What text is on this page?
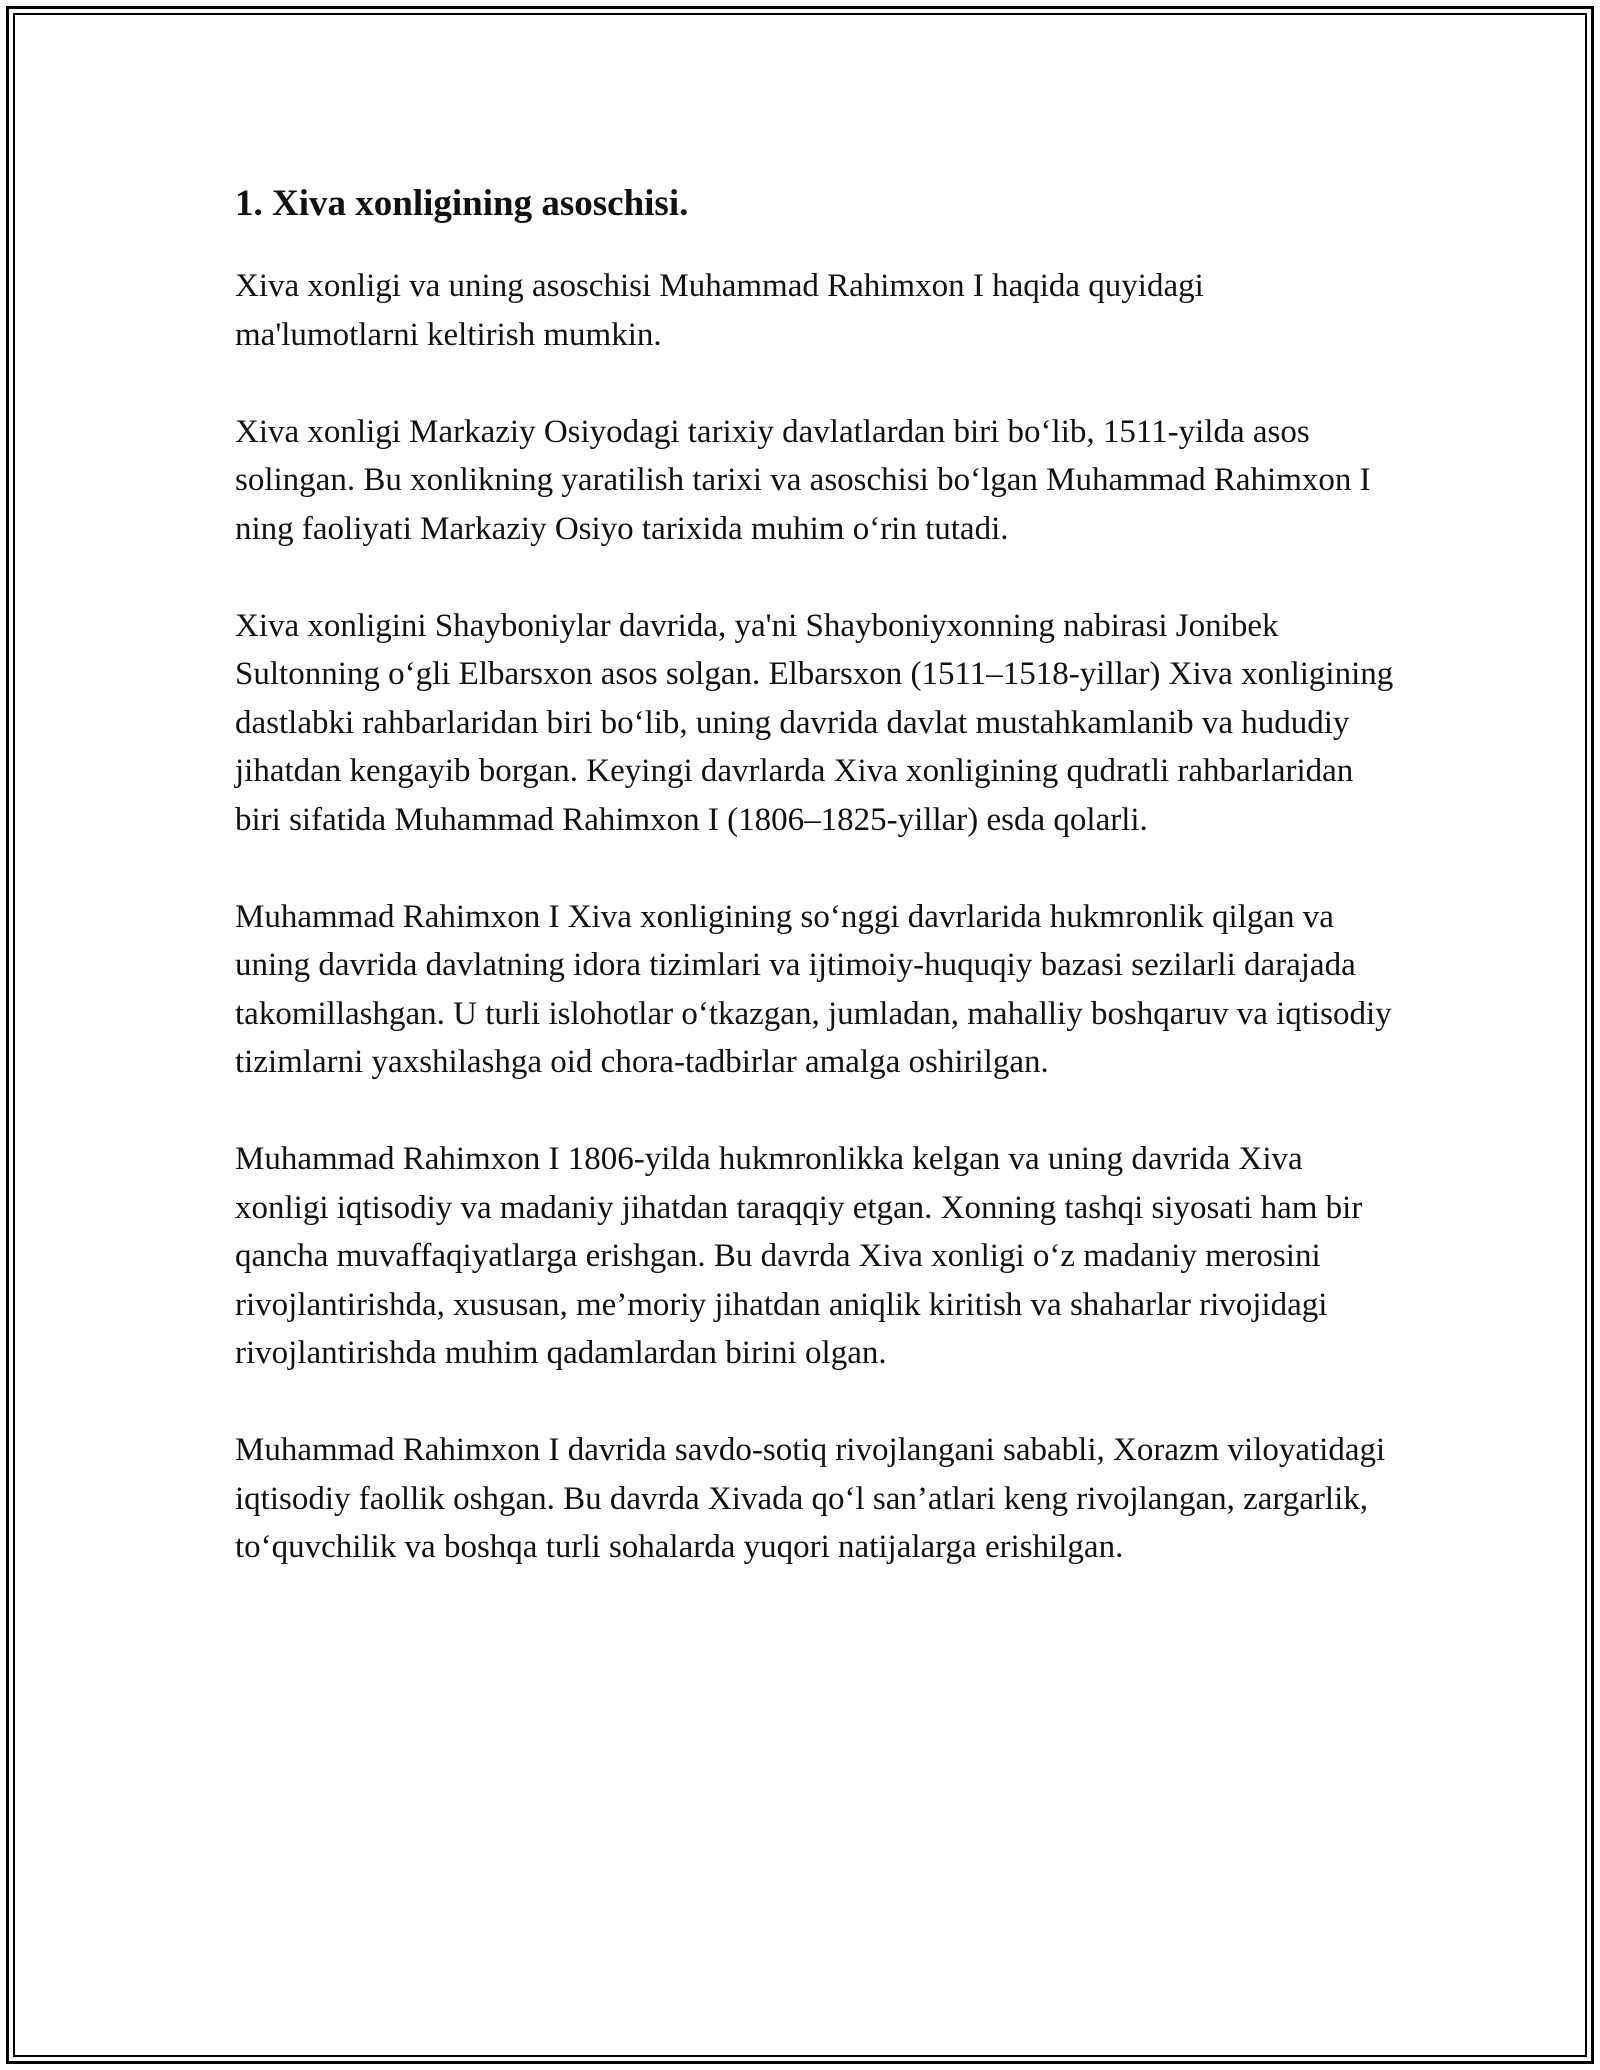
1. Xiva xonligining asoschisi.

Xiva xonligi va uning asoschisi Muhammad Rahimxon I haqida quyidagi ma'lumotlarni keltirish mumkin.

Xiva xonligi Markaziy Osiyodagi tarixiy davlatlardan biri bo‘lib, 1511-yilda asos solingan. Bu xonlikning yaratilish tarixi va asoschisi bo‘lgan Muhammad Rahimxon I ning faoliyati Markaziy Osiyo tarixida muhim o‘rin tutadi.

Xiva xonligini Shayboniylar davrida, ya'ni Shayboniyxonning nabirasi Jonibek Sultonning o‘gli Elbarsxon asos solgan. Elbarsxon (1511–1518-yillar) Xiva xonligining dastlabki rahbarlaridan biri bo‘lib, uning davrida davlat mustahkamlanib va hududiy jihatdan kengayib borgan. Keyingi davrlarda Xiva xonligining qudratli rahbarlaridan biri sifatida Muhammad Rahimxon I (1806–1825-yillar) esda qolarli.

Muhammad Rahimxon I Xiva xonligining so‘nggi davrlarida hukmronlik qilgan va uning davrida davlatning idora tizimlari va ijtimoiy-huquqiy bazasi sezilarli darajada takomillashgan. U turli islohotlar o‘tkazgan, jumladan, mahalliy boshqaruv va iqtisodiy tizimlarni yaxshilashga oid chora-tadbirlar amalga oshirilgan.

Muhammad Rahimxon I 1806-yilda hukmronlikka kelgan va uning davrida Xiva xonligi iqtisodiy va madaniy jihatdan taraqqiy etgan. Xonning tashqi siyosati ham bir qancha muvaffaqiyatlarga erishgan. Bu davrda Xiva xonligi o‘z madaniy merosini rivojlantirishda, xususan, me’moriy jihatdan aniqlik kiritish va shaharlar rivojidagi rivojlantirishda muhim qadamlardan birini olgan.

Muhammad Rahimxon I davrida savdo-sotiq rivojlangani sababli, Xorazm viloyatidagi iqtisodiy faollik oshgan. Bu davrda Xivada qo‘l san’atlari keng rivojlangan, zargarlik, to‘quvchilik va boshqa turli sohalarda yuqori natijalarga erishilgan.
